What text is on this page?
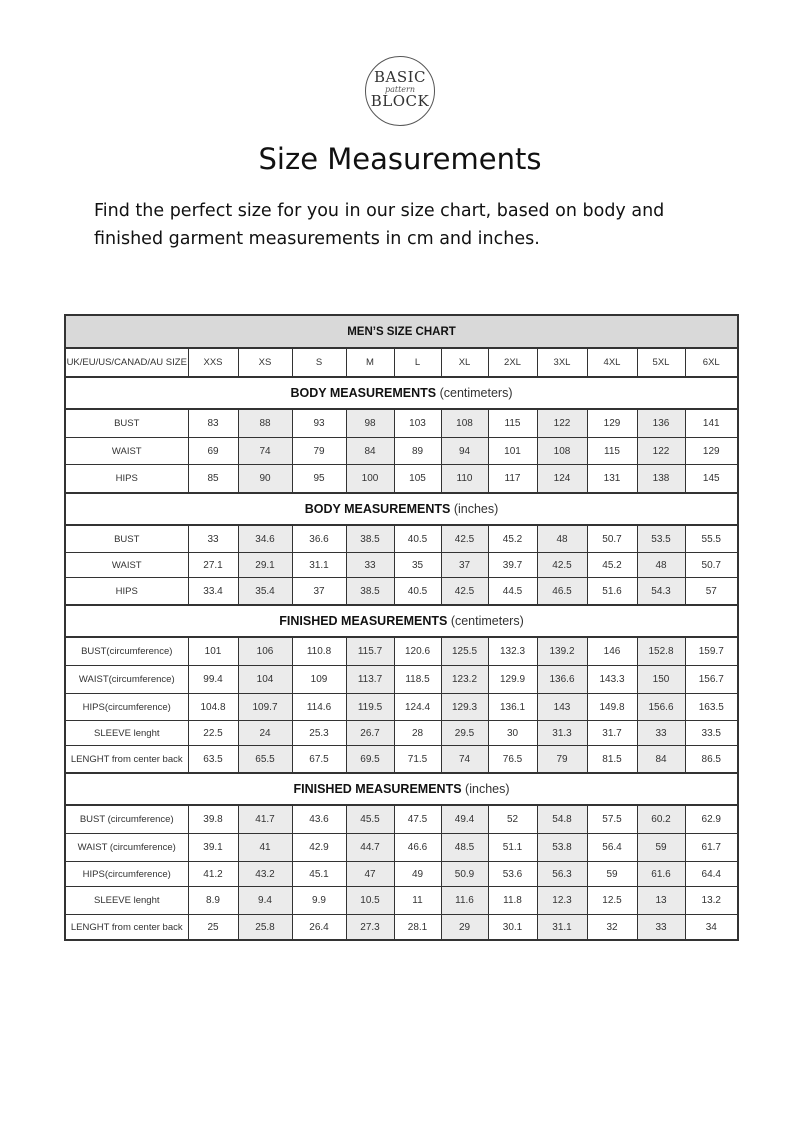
BASIC
pattern
BLOCK
Size Measurements
Find the perfect size for you in our size chart, based on body and finished garment measurements in cm and inches.
MEN’S SIZE CHART											
UK/EU/US/CANAD/AU SIZE	XXS	XS	S	M	L	XL	2XL	3XL	4XL	5XL	6XL
BODY MEASUREMENTS (centimeters)											
BUST	83	88	93	98	103	108	115	122	129	136	141
WAIST	69	74	79	84	89	94	101	108	115	122	129
HIPS	85	90	95	100	105	110	117	124	131	138	145
BODY MEASUREMENTS (inches)											
BUST	33	34.6	36.6	38.5	40.5	42.5	45.2	48	50.7	53.5	55.5
WAIST	27.1	29.1	31.1	33	35	37	39.7	42.5	45.2	48	50.7
HIPS	33.4	35.4	37	38.5	40.5	42.5	44.5	46.5	51.6	54.3	57
FINISHED MEASUREMENTS (centimeters)											
BUST(circumference)	101	106	110.8	115.7	120.6	125.5	132.3	139.2	146	152.8	159.7
WAIST(circumference)	99.4	104	109	113.7	118.5	123.2	129.9	136.6	143.3	150	156.7
HIPS(circumference)	104.8	109.7	114.6	119.5	124.4	129.3	136.1	143	149.8	156.6	163.5
SLEEVE lenght	22.5	24	25.3	26.7	28	29.5	30	31.3	31.7	33	33.5
LENGHT from center back	63.5	65.5	67.5	69.5	71.5	74	76.5	79	81.5	84	86.5
FINISHED MEASUREMENTS (inches)											
BUST (circumference)	39.8	41.7	43.6	45.5	47.5	49.4	52	54.8	57.5	60.2	62.9
WAIST (circumference)	39.1	41	42.9	44.7	46.6	48.5	51.1	53.8	56.4	59	61.7
HIPS(circumference)	41.2	43.2	45.1	47	49	50.9	53.6	56.3	59	61.6	64.4
SLEEVE lenght	8.9	9.4	9.9	10.5	11	11.6	11.8	12.3	12.5	13	13.2
LENGHT from center back	25	25.8	26.4	27.3	28.1	29	30.1	31.1	32	33	34
